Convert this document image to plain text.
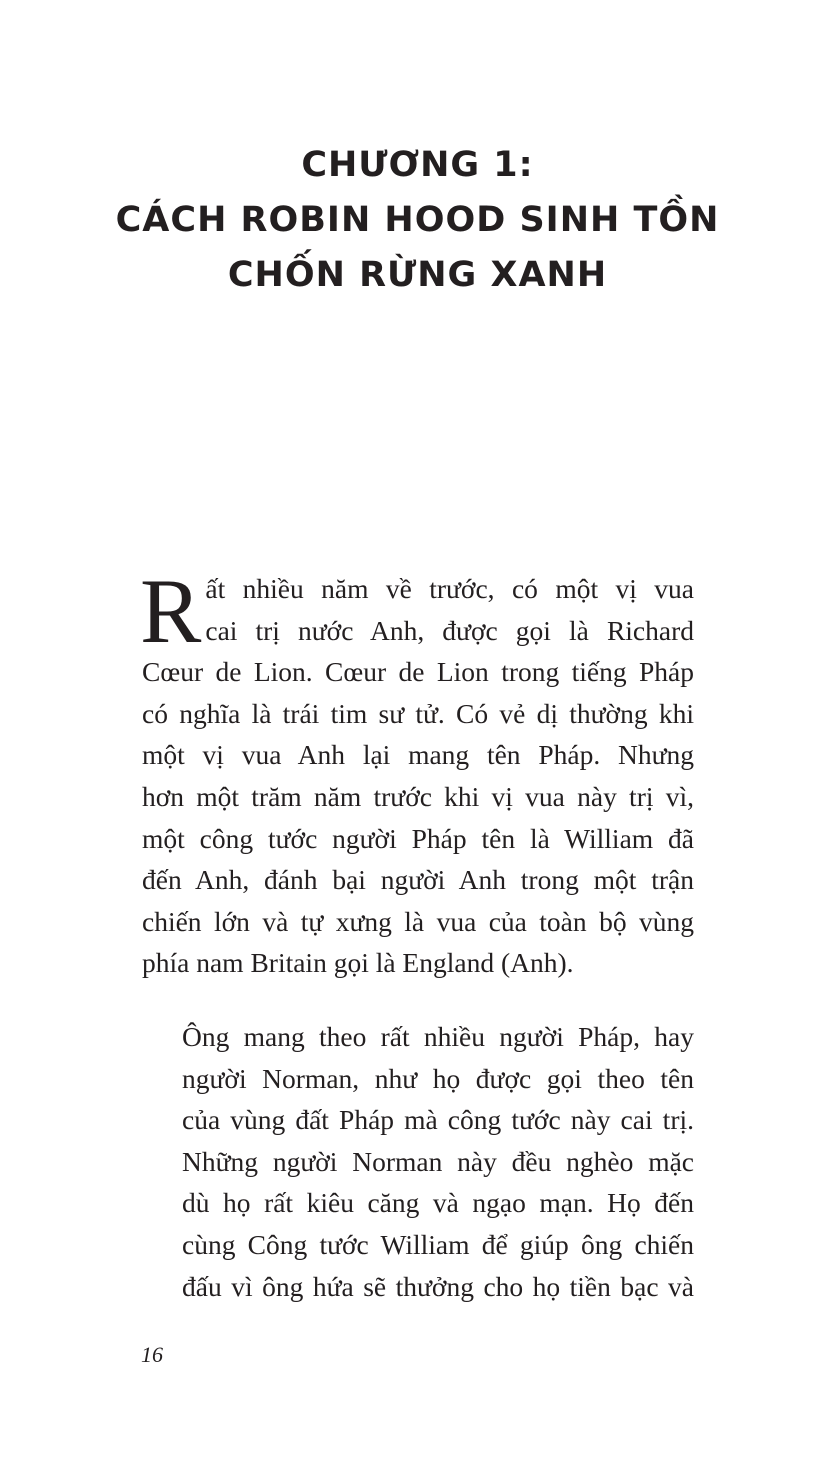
CHƯƠNG 1:
CÁCH ROBIN HOOD SINH TỒN
CHỐN RỪNG XANH
R ất nhiều năm về trước, có một vị vua
cai trị nước Anh, được gọi là Richard
Cœur de Lion. Cœur de Lion trong tiếng Pháp
có nghĩa là trái tim sư tử. Có vẻ dị thường khi
một vị vua Anh lại mang tên Pháp. Nhưng
hơn một trăm năm trước khi vị vua này trị vì,
một công tước người Pháp tên là William đã
đến Anh, đánh bại người Anh trong một trận
chiến lớn và tự xưng là vua của toàn bộ vùng
phía nam Britain gọi là England (Anh).
Ông mang theo rất nhiều người Pháp, hay
người Norman, như họ được gọi theo tên
của vùng đất Pháp mà công tước này cai trị.
Những người Norman này đều nghèo mặc
dù họ rất kiêu căng và ngạo mạn. Họ đến
cùng Công tước William để giúp ông chiến
đấu vì ông hứa sẽ thưởng cho họ tiền bạc và
16
